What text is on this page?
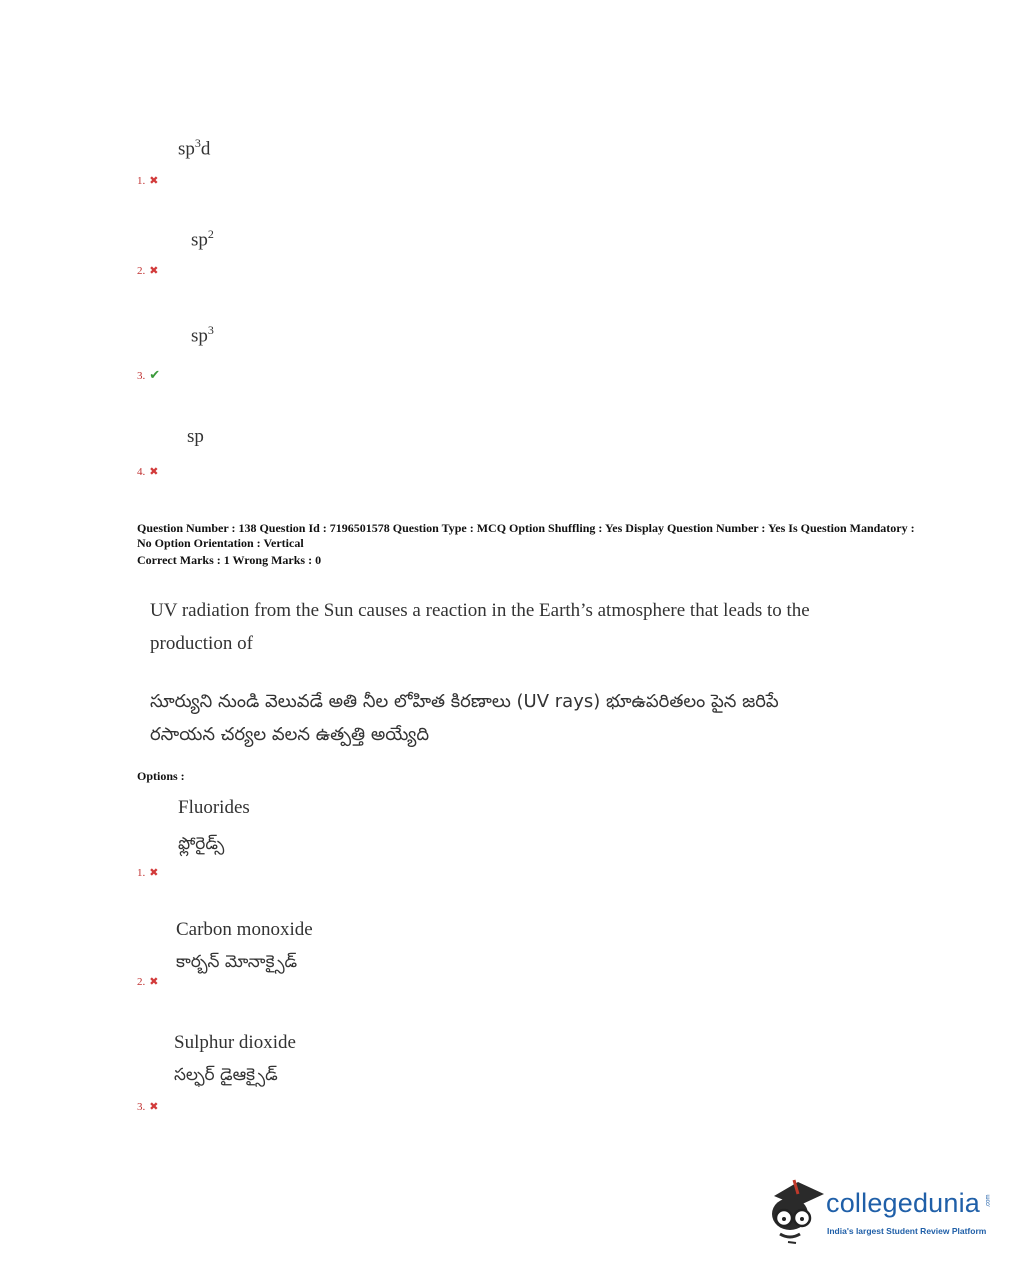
$sp^3d$
1. ✖
$sp^2$
2. ✖
$sp^3$
3. ✔
sp
4. ✖
Question Number : 138 Question Id : 7196501578 Question Type : MCQ Option Shuffling : Yes Display Question Number : Yes Is Question Mandatory : No Option Orientation : Vertical
Correct Marks : 1 Wrong Marks : 0
UV radiation from the Sun causes a reaction in the Earth’s atmosphere that leads to the production of
సూర్యుని నుండి వెలువడే అతి నీల లోహిత కిరణాలు (UV rays) భూఉపరితలం పైన జరిపే రసాయన చర్యల వలన ఉత్పత్తి అయ్యేది
Options :
Fluorides
ఫ్లోరైడ్స్
1. ✖
Carbon monoxide
కార్బన్ మోనాక్సైడ్
2. ✖
Sulphur dioxide
సల్ఫర్ డైఆక్సైడ్
3. ✖
collegedunia .com
India's largest Student Review Platform
